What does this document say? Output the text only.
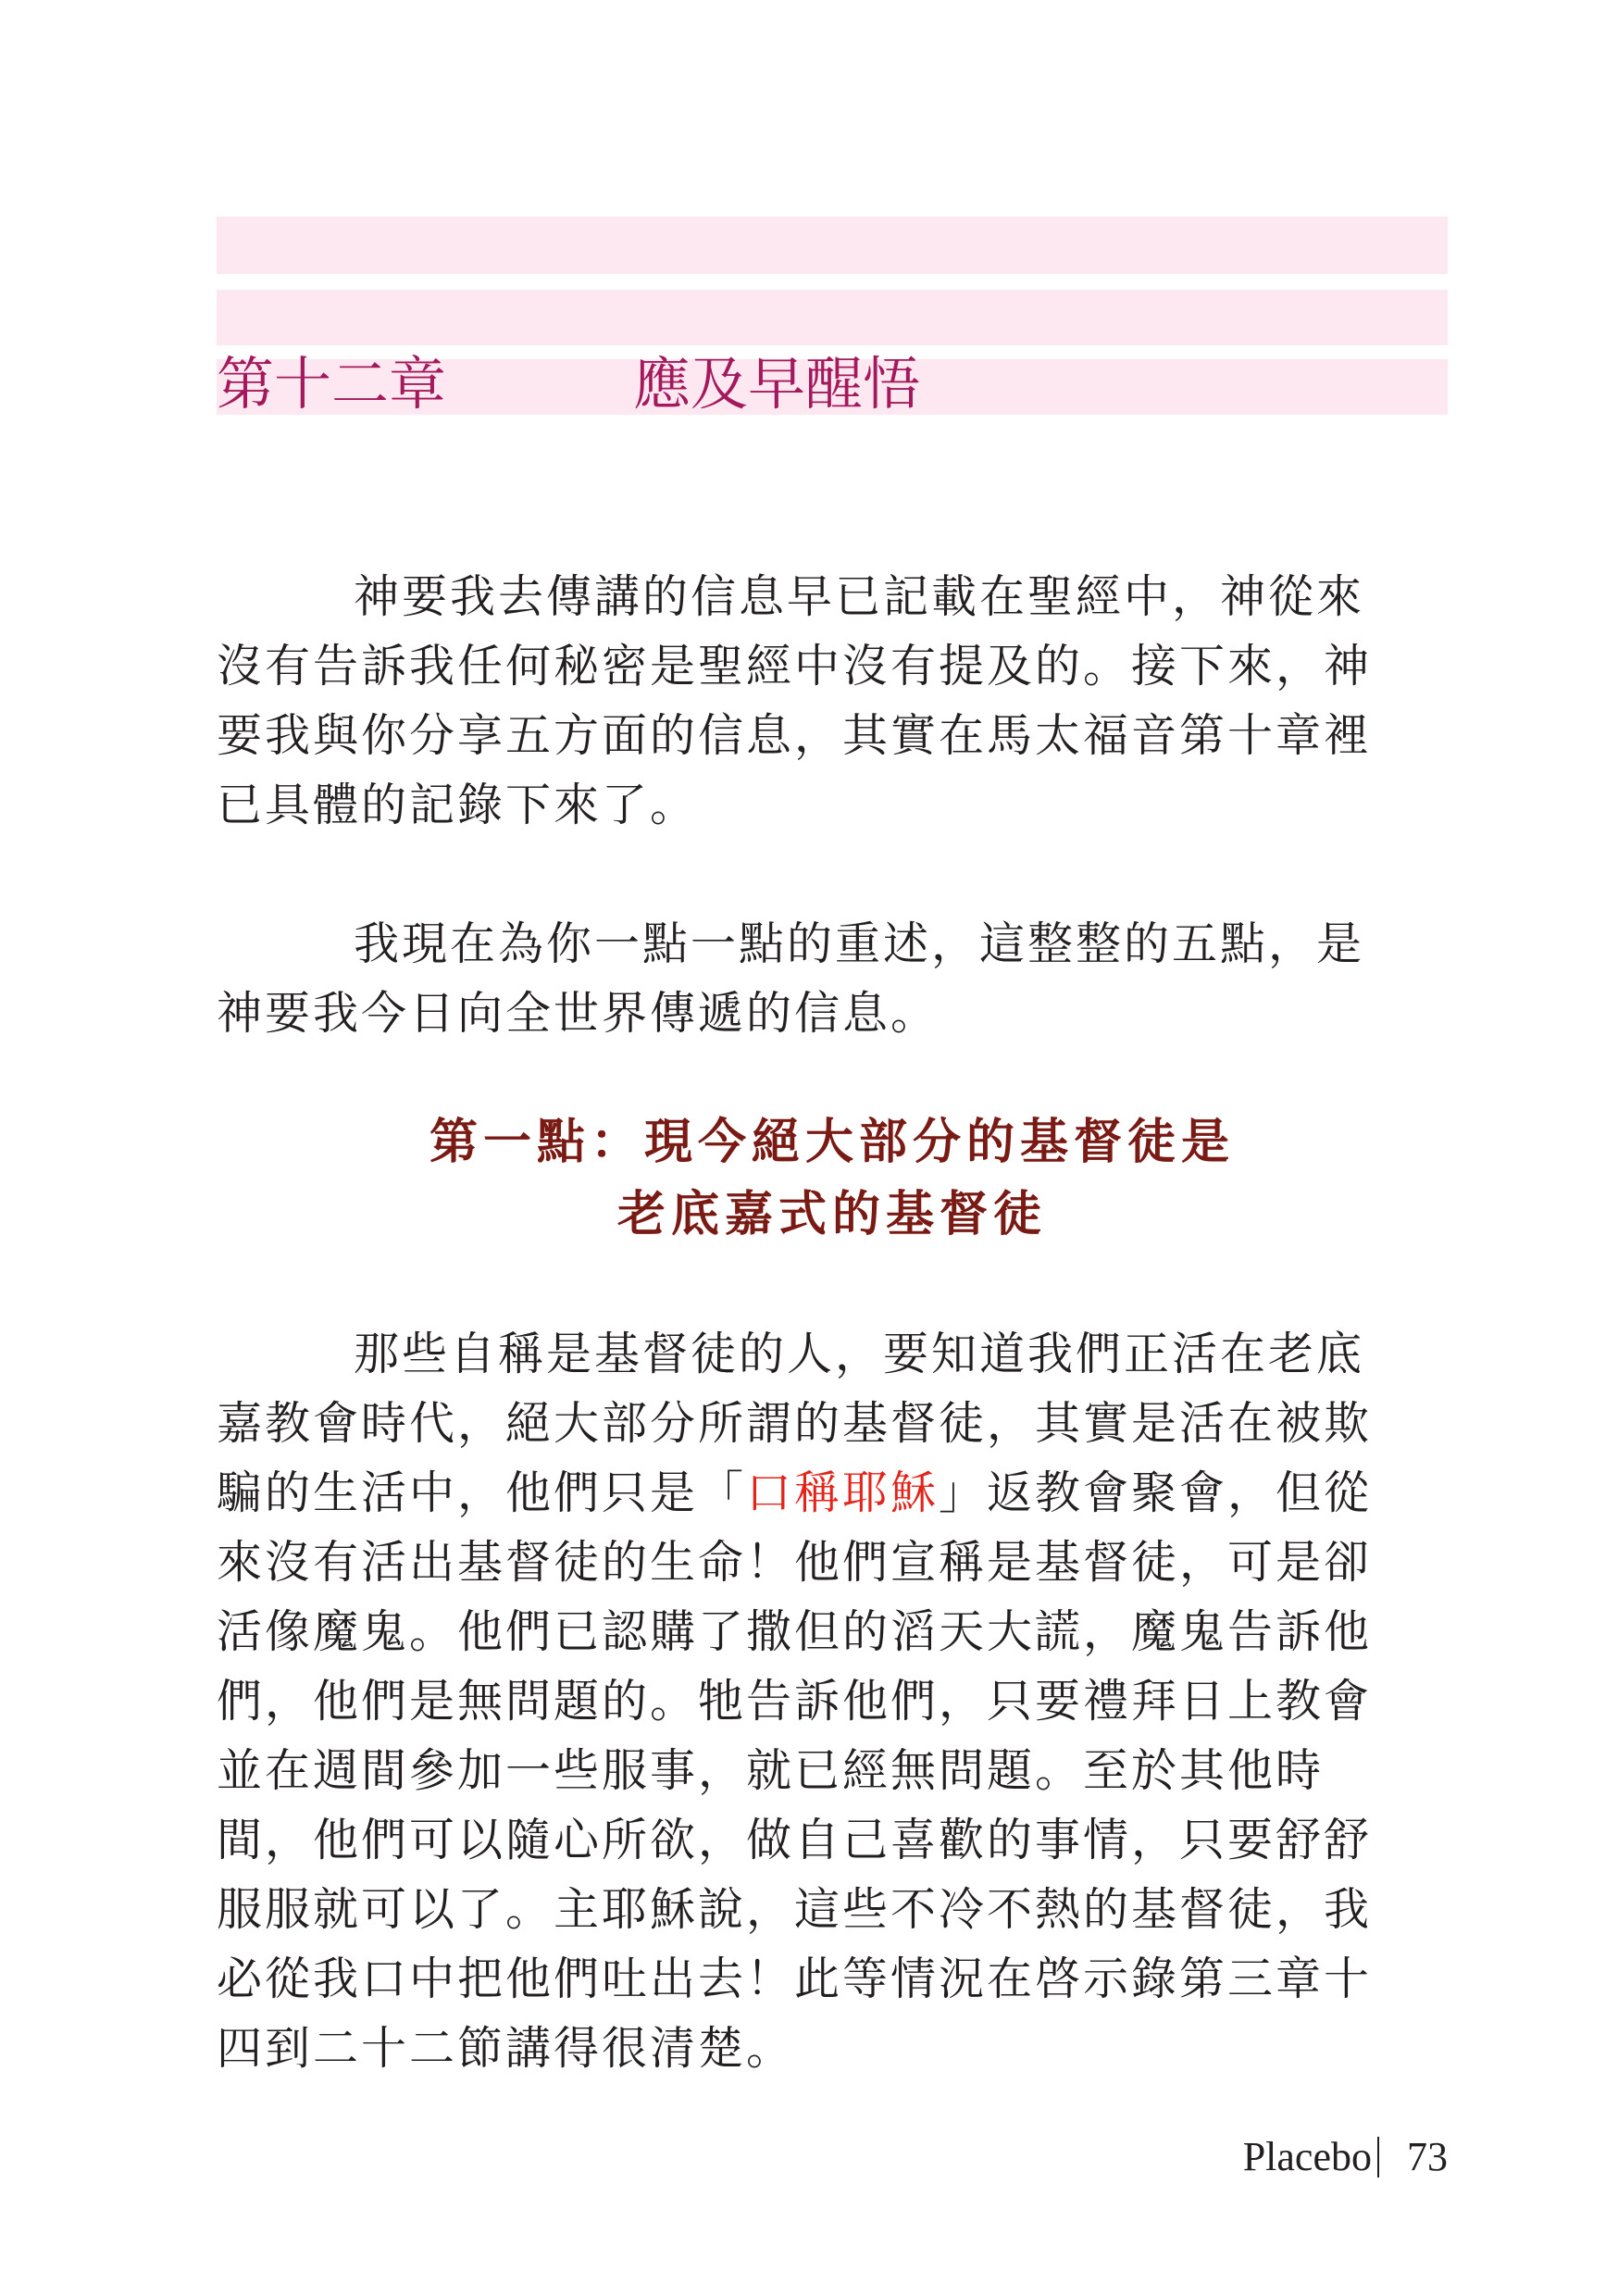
第十二章	應及早醒悟

神要我去傳講的信息早已記載在聖經中，神從來
沒有告訴我任何秘密是聖經中沒有提及的。接下來，神
要我與你分享五方面的信息，其實在馬太福音第十章裡
已具體的記錄下來了。

我現在為你一點一點的重述，這整整的五點，是
神要我今日向全世界傳遞的信息。

第一點：現今絕大部分的基督徒是
老底嘉式的基督徒

那些自稱是基督徒的人，要知道我們正活在老底
嘉教會時代，絕大部分所謂的基督徒，其實是活在被欺
騙的生活中，他們只是「口稱耶穌」返教會聚會，但從
來沒有活出基督徒的生命！他們宣稱是基督徒，可是卻
活像魔鬼。他們已認購了撒但的滔天大謊，魔鬼告訴他
們，他們是無問題的。牠告訴他們，只要禮拜日上教會
並在週間參加一些服事，就已經無問題。至於其他時
間，他們可以隨心所欲，做自己喜歡的事情，只要舒舒
服服就可以了。主耶穌說，這些不冷不熱的基督徒，我
必從我口中把他們吐出去！此等情況在啓示錄第三章十
四到二十二節講得很清楚。

Placebo 73
